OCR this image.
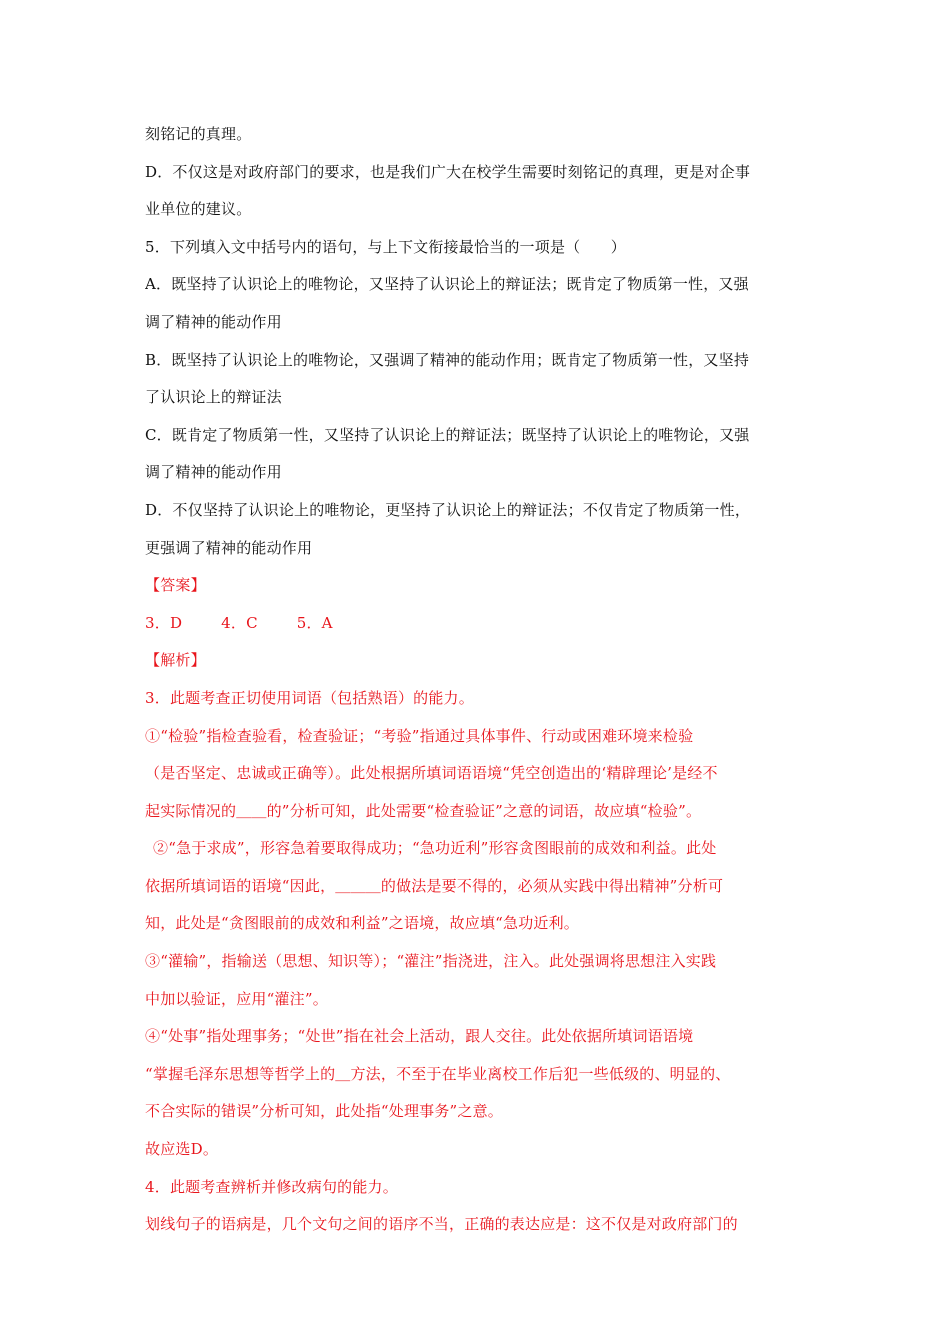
刻铭记的真理。
D．不仅这是对政府部门的要求，也是我们广大在校学生需要时刻铭记的真理，更是对企事
业单位的建议。
5．下列填入文中括号内的语句，与上下文衔接最恰当的一项是（　　）
A．既坚持了认识论上的唯物论，又坚持了认识论上的辩证法；既肯定了物质第一性，又强
调了精神的能动作用
B．既坚持了认识论上的唯物论，又强调了精神的能动作用；既肯定了物质第一性，又坚持
了认识论上的辩证法
C．既肯定了物质第一性，又坚持了认识论上的辩证法；既坚持了认识论上的唯物论，又强
调了精神的能动作用
D．不仅坚持了认识论上的唯物论，更坚持了认识论上的辩证法；不仅肯定了物质第一性，
更强调了精神的能动作用
【答案】
3．D	4．C	5．A
【解析】
3．此题考查正切使用词语（包括熟语）的能力。
①“检验”指检查验看，检查验证；“考验”指通过具体事件、行动或困难环境来检验
（是否坚定、忠诚或正确等）。此处根据所填词语语境“凭空创造出的‘精辟理论’是经不
起实际情况的＿＿的”分析可知，此处需要“检查验证”之意的词语，故应填“检验”。
②“急于求成”，形容急着要取得成功；“急功近利”形容贪图眼前的成效和利益。此处
依据所填词语的语境“因此，＿＿＿的做法是要不得的，必须从实践中得出精神”分析可
知，此处是“贪图眼前的成效和利益”之语境，故应填“急功近利。
③“灌输”，指输送（思想、知识等）；“灌注”指浇进，注入。此处强调将思想注入实践
中加以验证，应用“灌注”。
④“处事”指处理事务；“处世”指在社会上活动，跟人交往。此处依据所填词语语境
“掌握毛泽东思想等哲学上的＿方法，不至于在毕业离校工作后犯一些低级的、明显的、
不合实际的错误”分析可知，此处指“处理事务”之意。
故应选D。
4．此题考查辨析并修改病句的能力。
划线句子的语病是，几个文句之间的语序不当，正确的表达应是：这不仅是对政府部门的
